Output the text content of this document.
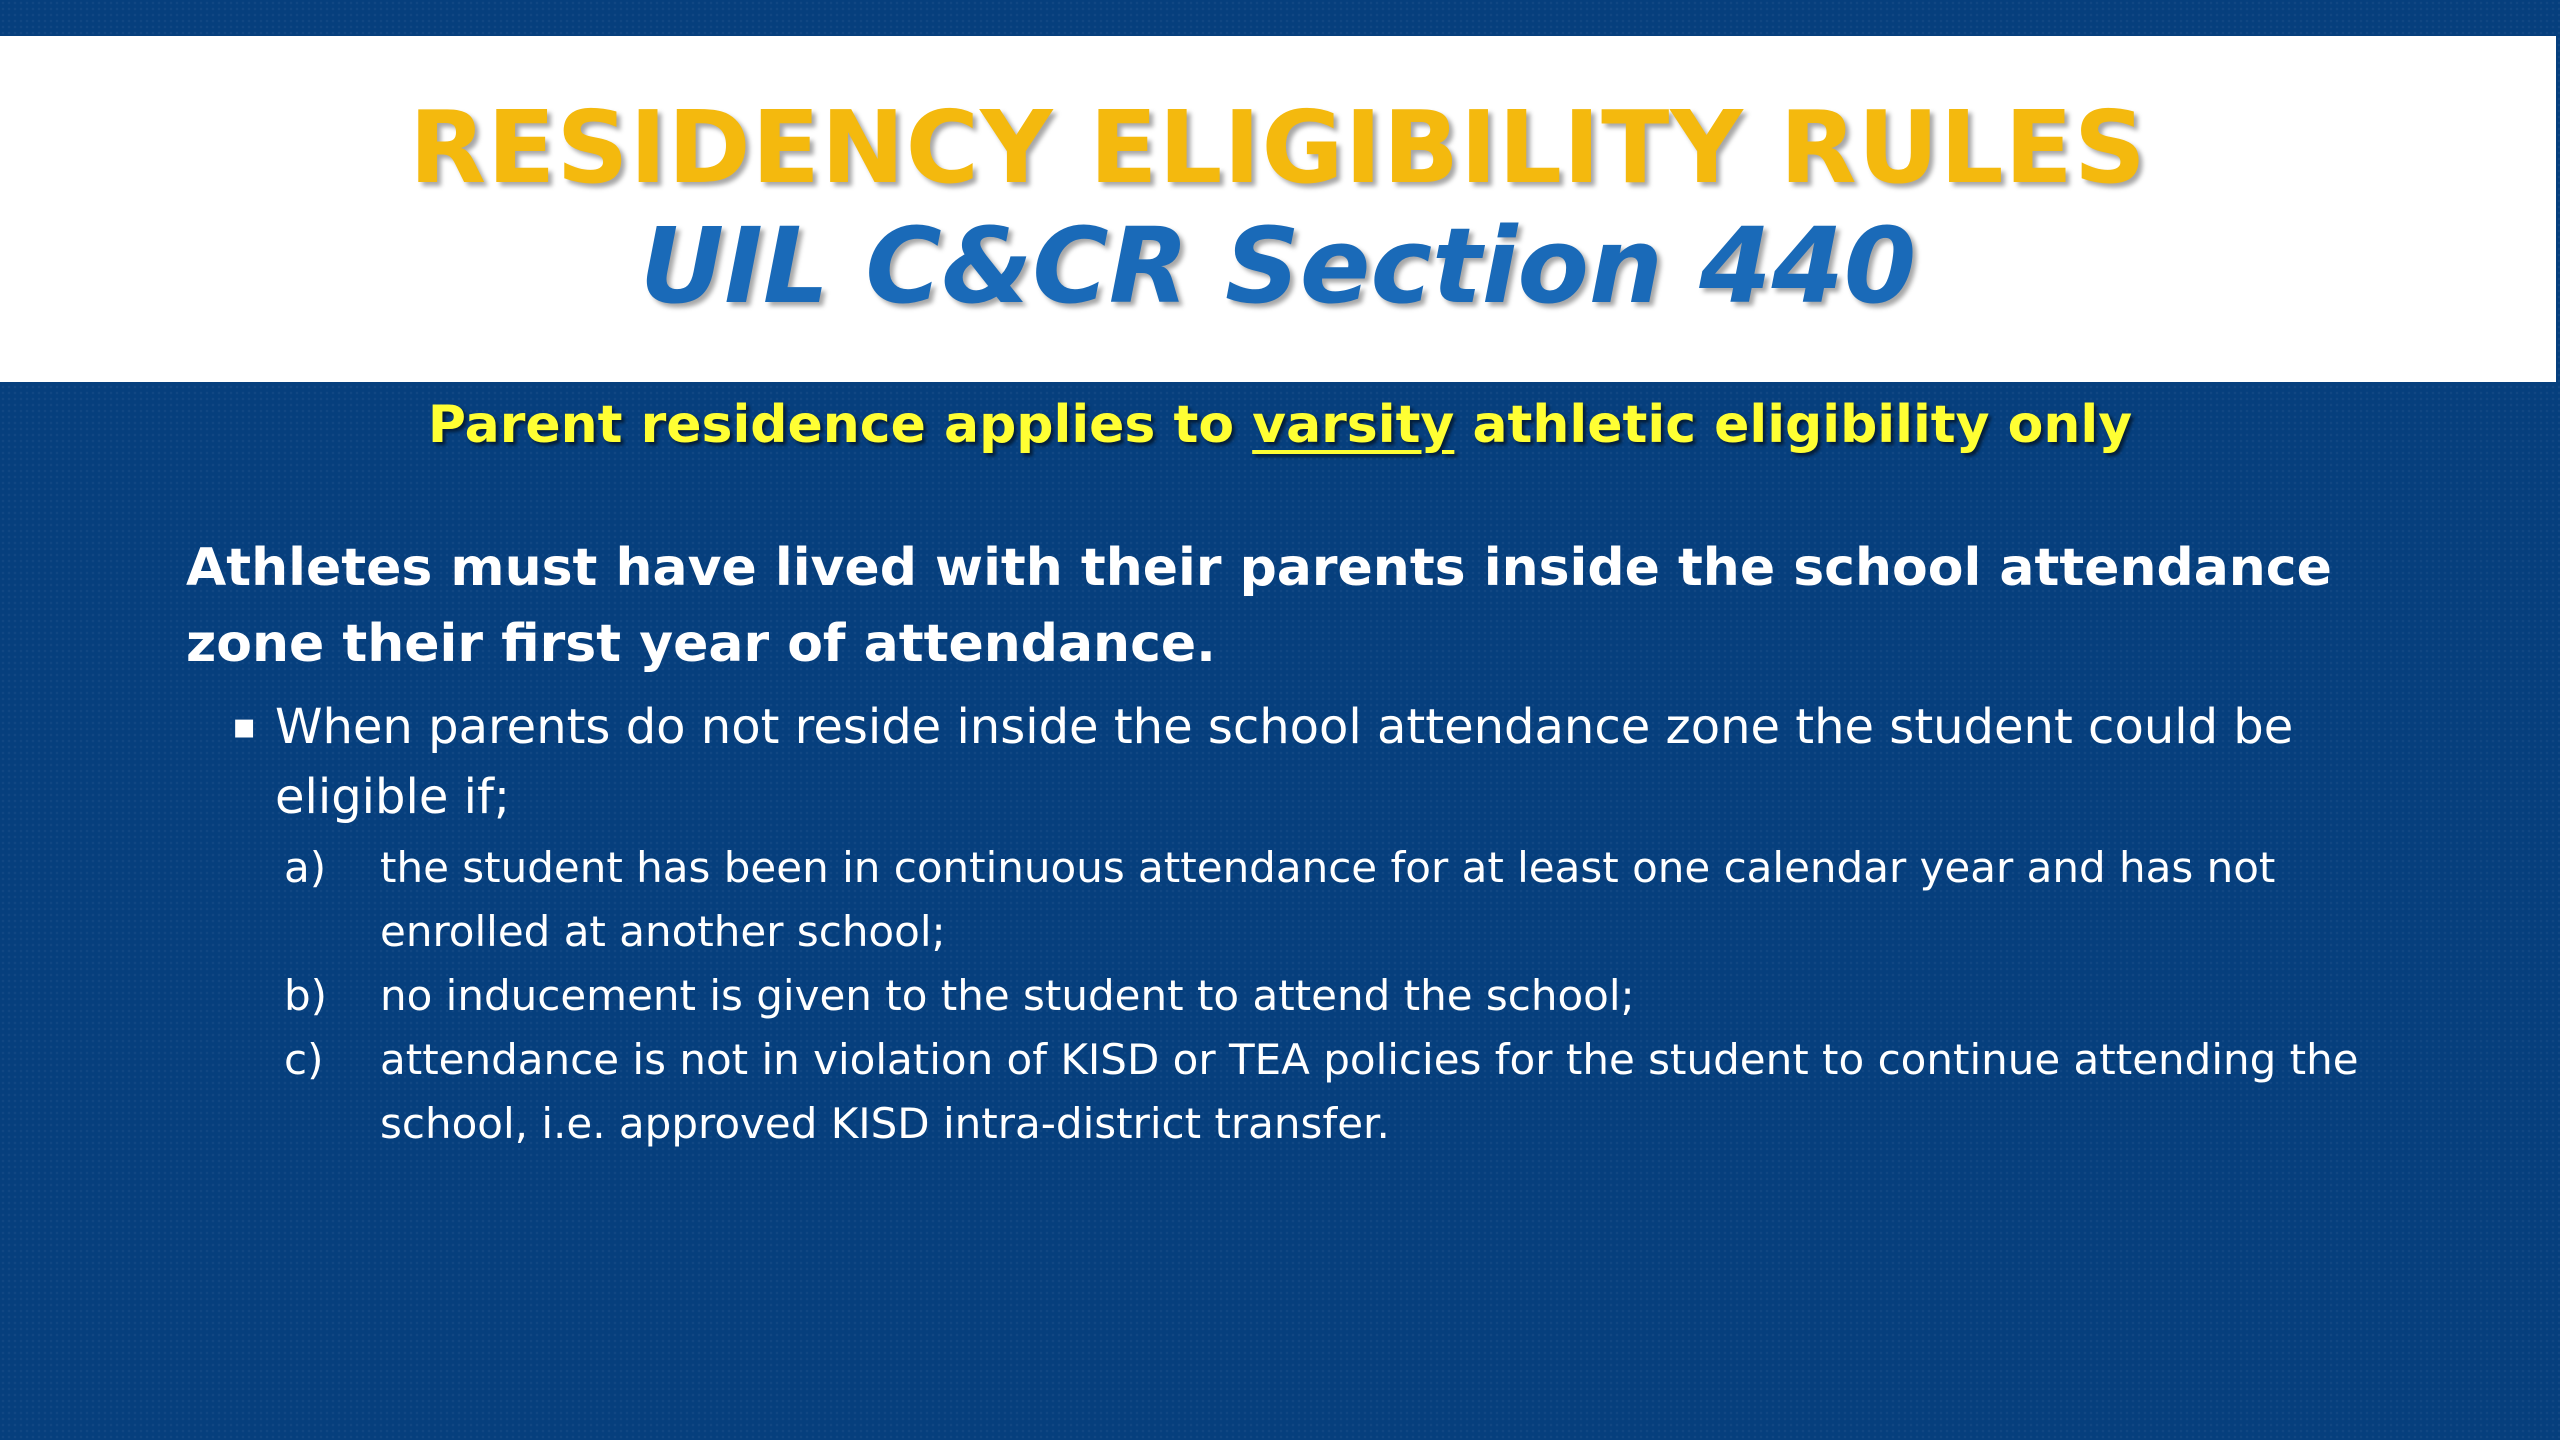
RESIDENCY ELIGIBILITY RULES
UIL C&CR Section 440
Parent residence applies to varsity athletic eligibility only

Athletes must have lived with their parents inside the school attendance zone their first year of attendance.

▪ When parents do not reside inside the school attendance zone the student could be eligible if;
a) the student has been in continuous attendance for at least one calendar year and has not enrolled at another school;
b) no inducement is given to the student to attend the school;
c) attendance is not in violation of KISD or TEA policies for the student to continue attending the school, i.e. approved KISD intra-district transfer.
